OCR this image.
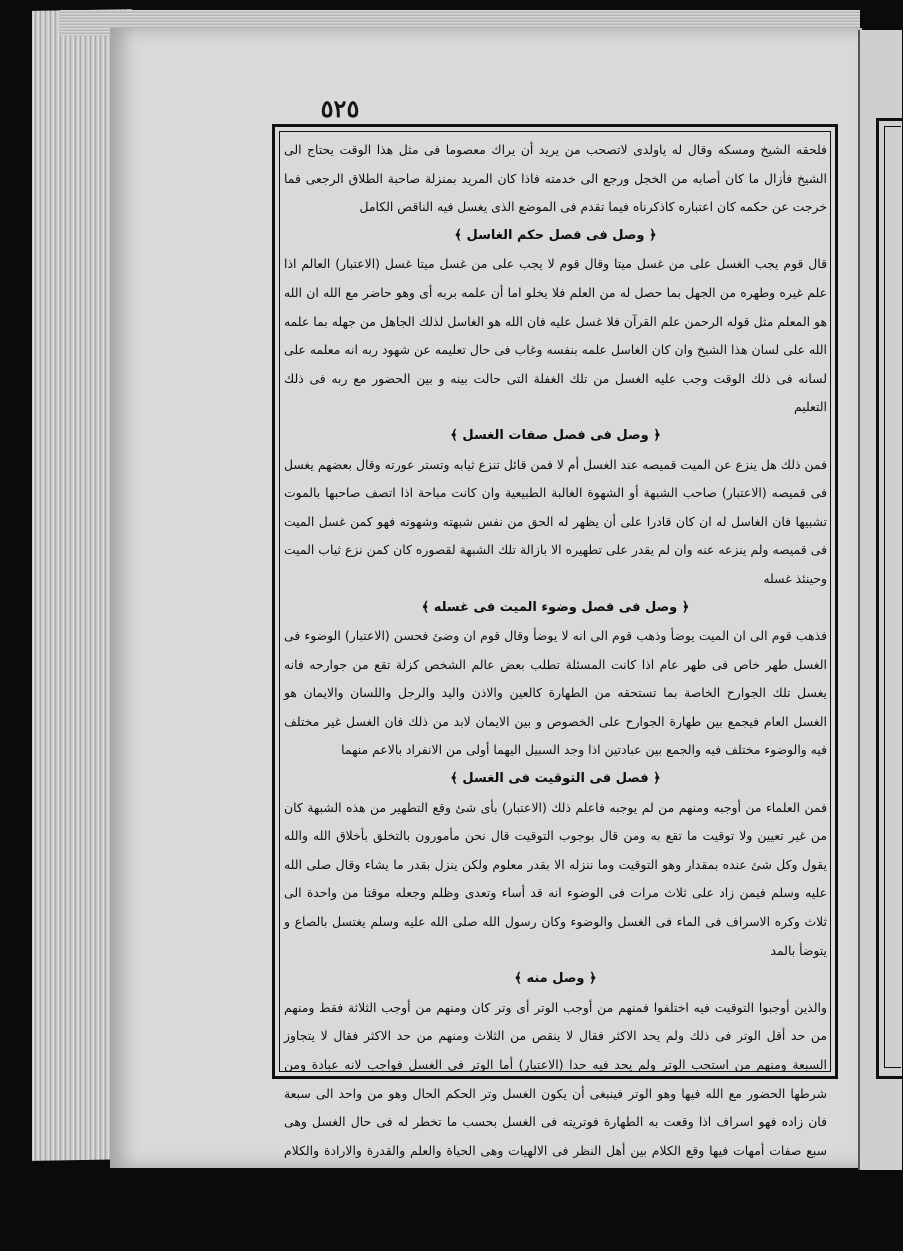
٥٢٥

فلحقه الشيخ ومسكه وقال له ياولدى لاتصحب من يريد أن يراك معصوما فى مثل هذا الوقت يحتاج الى الشيخ فأزال ما كان أصابه من الخجل ورجع الى خدمته فاذا كان المريد بمنزلة صاحبة الطلاق الرجعى فما خرجت عن حكمه كان اعتباره كاذكرناه فيما تقدم فى الموضع الذى يغسل فيه الناقص الكامل

﴿ وصل فى فصل حكم الغاسل ﴾

قال قوم يجب الغسل على من غسل ميتا وقال قوم لا يجب على من غسل ميتا غسل (الاعتبار) العالم اذا علم غيره وطهره من الجهل بما حصل له من العلم فلا يخلو اما أن علمه بربه أى وهو حاضر مع الله ان الله هو المعلم مثل قوله الرحمن علم القرآن فلا غسل عليه فان الله هو الغاسل لذلك الجاهل من جهله بما علمه الله على لسان هذا الشيخ وان كان الغاسل علمه بنفسه وغاب فى حال تعليمه عن شهود ربه انه معلمه على لسانه فى ذلك الوقت وجب عليه الغسل من تلك الغفلة التى حالت بينه و بين الحضور مع ربه فى ذلك التعليم

﴿ وصل فى فصل صفات الغسل ﴾

فمن ذلك هل ينزع عن الميت قميصه عند الغسل أم لا فمن قائل تنزع ثيابه وتستر عورته وقال بعضهم يغسل فى قميصه (الاعتبار) صاحب الشبهة أو الشهوة الغالبة الطبيعية وان كانت مباحة اذا اتصف صاحبها بالموت تشبيها فان الغاسل له ان كان قادرا على أن يظهر له الحق من نفس شبهته وشهوته فهو كمن غسل الميت فى قميصه ولم ينزعه عنه وان لم يقدر على تطهيره الا بازالة تلك الشبهة لقصوره كان كمن نزع ثياب الميت وحينئذ غسله

﴿ وصل فى فصل وضوء الميت فى غسله ﴾

فذهب قوم الى ان الميت يوضأ وذهب قوم الى انه لا يوضأ وقال قوم ان وضئ فحسن (الاعتبار) الوضوء فى الغسل طهر خاص فى طهر عام اذا كانت المسئلة تطلب بعض عالم الشخص كزلة تقع من جوارحه فانه يغسل تلك الجوارح الخاصة بما تستحقه من الطهارة كالعين والاذن واليد والرجل واللسان والايمان هو الغسل العام فيجمع بين طهارة الجوارح على الخصوص و بين الايمان لابد من ذلك فان الغسل غير مختلف فيه والوضوء مختلف فيه والجمع بين عبادتين اذا وجد السبيل اليهما أولى من الانفراد بالاعم منهما

﴿ فصل فى التوقيت فى الغسل ﴾

فمن العلماء من أوجبه ومنهم من لم يوجبه فاعلم ذلك (الاعتبار) بأى شئ وقع التطهير من هذه الشبهة كان من غير تعيين ولا توقيت ما تقع به ومن قال بوجوب التوقيت قال نحن مأمورون بالتخلق بأخلاق الله والله يقول وكل شئ عنده بمقدار وهو التوقيت وما ننزله الا بقدر معلوم ولكن ينزل بقدر ما يشاء وقال صلى الله عليه وسلم فيمن زاد على ثلاث مرات فى الوضوء انه قد أساء وتعدى وظلم وجعله موقتا من واحدة الى ثلاث وكره الاسراف فى الماء فى الغسل والوضوء وكان رسول الله صلى الله عليه وسلم يغتسل بالصاع و يتوضأ بالمد

﴿ وصل منه ﴾

والذين أوجبوا التوقيت فيه اختلفوا فمنهم من أوجب الوتر أى وتر كان ومنهم من أوجب الثلاثة فقط ومنهم من حد أقل الوتر فى ذلك ولم يحد الاكثر فقال لا ينقص من الثلاث ومنهم من حد الاكثر فقال لا يتجاوز السبعة ومنهم من استحب الوتر ولم يحد فيه حدا (الاعتبار) أما الوتر فى الغسل فواجب لانه عبادة ومن شرطها الحضور مع الله فيها وهو الوتر فينبغى أن يكون الغسل وتر الحكم الحال وهو من واحد الى سبعة فان زاده فهو اسراف اذا وقعت به الطهارة فوتريته فى الغسل بحسب ما تخطر له فى حال الغسل وهى سبع صفات أمهات فيها وقع الكلام بين أهل النظر فى الالهيات وهى الحياة والعلم والقدرة والارادة والكلام والسمع والبصر والعبد قد وصف بهذه الصفات كلها وقد ورد ان الحق قال فى المتقرب بالنوافل ان الله يكون سمعه و بصره وغير ذلك فقد تبدلت نسبة هذه الصفات المخلوقة للعبد بالحق فبالله يسمع و به يبصر و به يعلم و به يقدر و به يكون حيا و به يريد و به يتكلم فقد
